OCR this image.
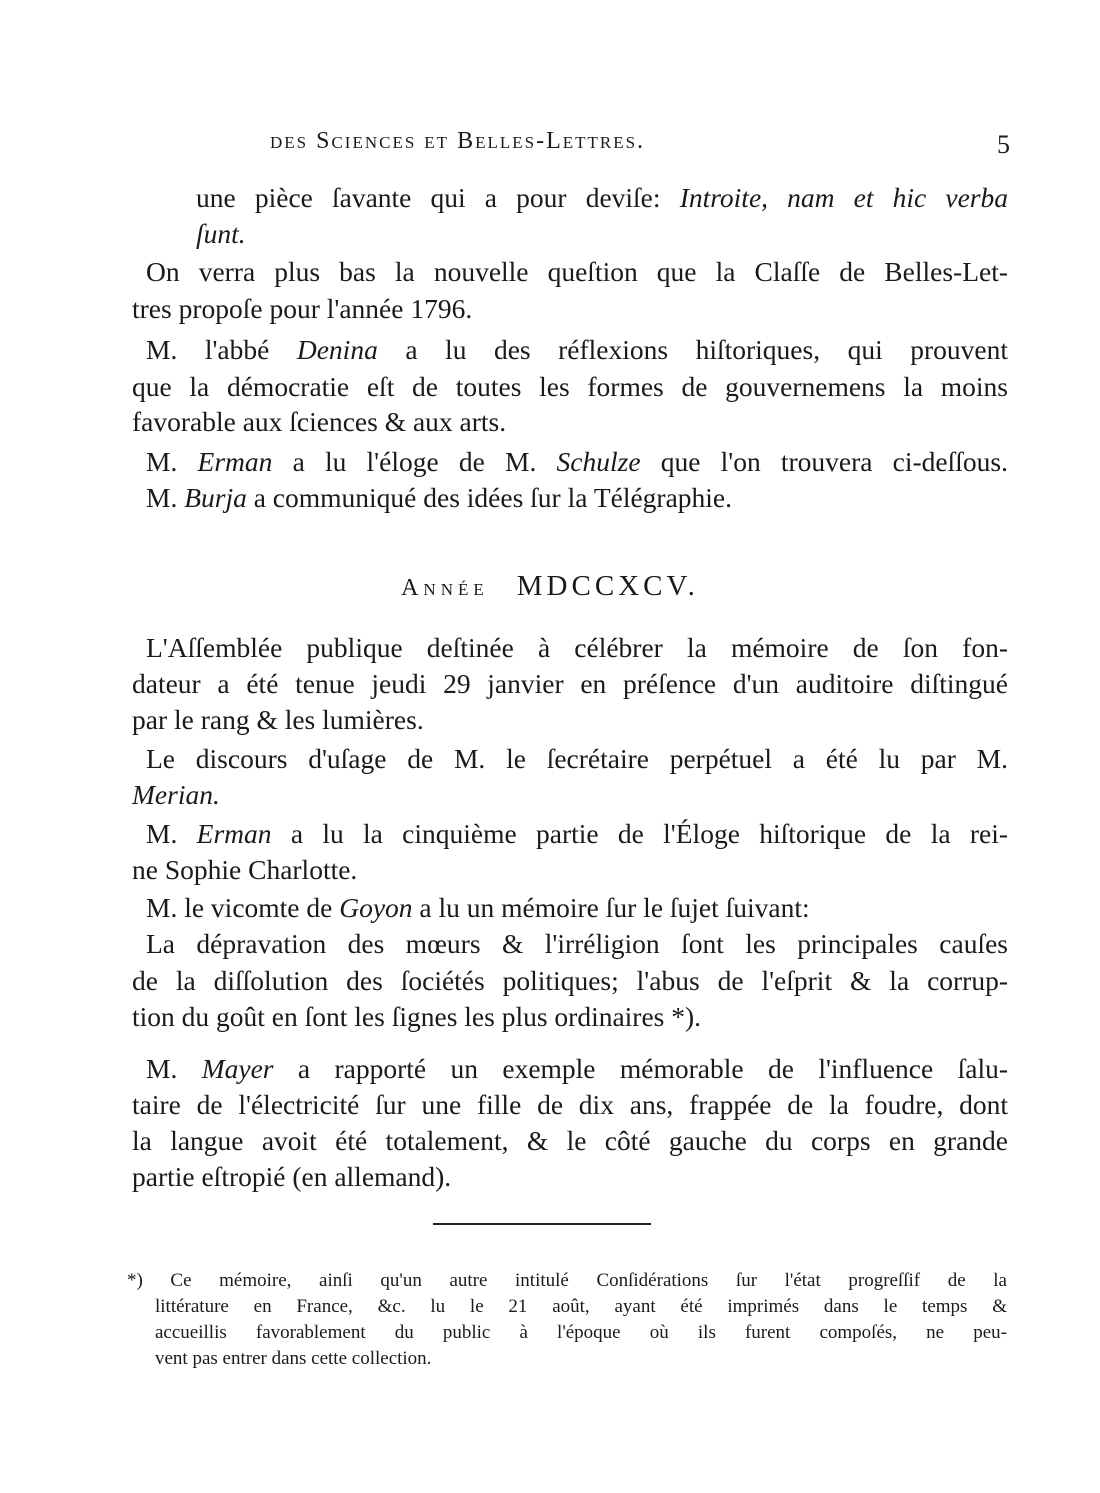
des Sciences et Belles-Lettres.	5
une pièce ſavante qui a pour deviſe: Introite, nam et hic verba
ſunt.
On verra plus bas la nouvelle queſtion que la Claſſe de Belles-Let-
tres propoſe pour l'année 1796.
M. l'abbé Denina a lu des réflexions hiſtoriques, qui prouvent
que la démocratie eſt de toutes les formes de gouvernemens la moins
favorable aux ſciences & aux arts.
M. Erman a lu l'éloge de M. Schulze que l'on trouvera ci-deſſous.
M. Burja a communiqué des idées ſur la Télégraphie.
Année MDCCXCV.
L'Aſſemblée publique deſtinée à célébrer la mémoire de ſon fon-
dateur a été tenue jeudi 29 janvier en préſence d'un auditoire diſtingué
par le rang & les lumières.
Le discours d'uſage de M. le ſecrétaire perpétuel a été lu par M.
Merian.
M. Erman a lu la cinquième partie de l'Éloge hiſtorique de la rei-
ne Sophie Charlotte.
M. le vicomte de Goyon a lu un mémoire ſur le ſujet ſuivant:
La dépravation des mœurs & l'irréligion ſont les principales cauſes
de la diſſolution des ſociétés politiques; l'abus de l'eſprit & la corrup-
tion du goût en ſont les ſignes les plus ordinaires *).
M. Mayer a rapporté un exemple mémorable de l'influence ſalu-
taire de l'électricité ſur une fille de dix ans, frappée de la foudre, dont
la langue avoit été totalement, & le côté gauche du corps en grande
partie eſtropié (en allemand).
*) Ce mémoire, ainſi qu'un autre intitulé Conſidérations ſur l'état progreſſif de la
littérature en France, &c. lu le 21 août, ayant été imprimés dans le temps &
accueillis favorablement du public à l'époque où ils furent compoſés, ne peu-
vent pas entrer dans cette collection.
